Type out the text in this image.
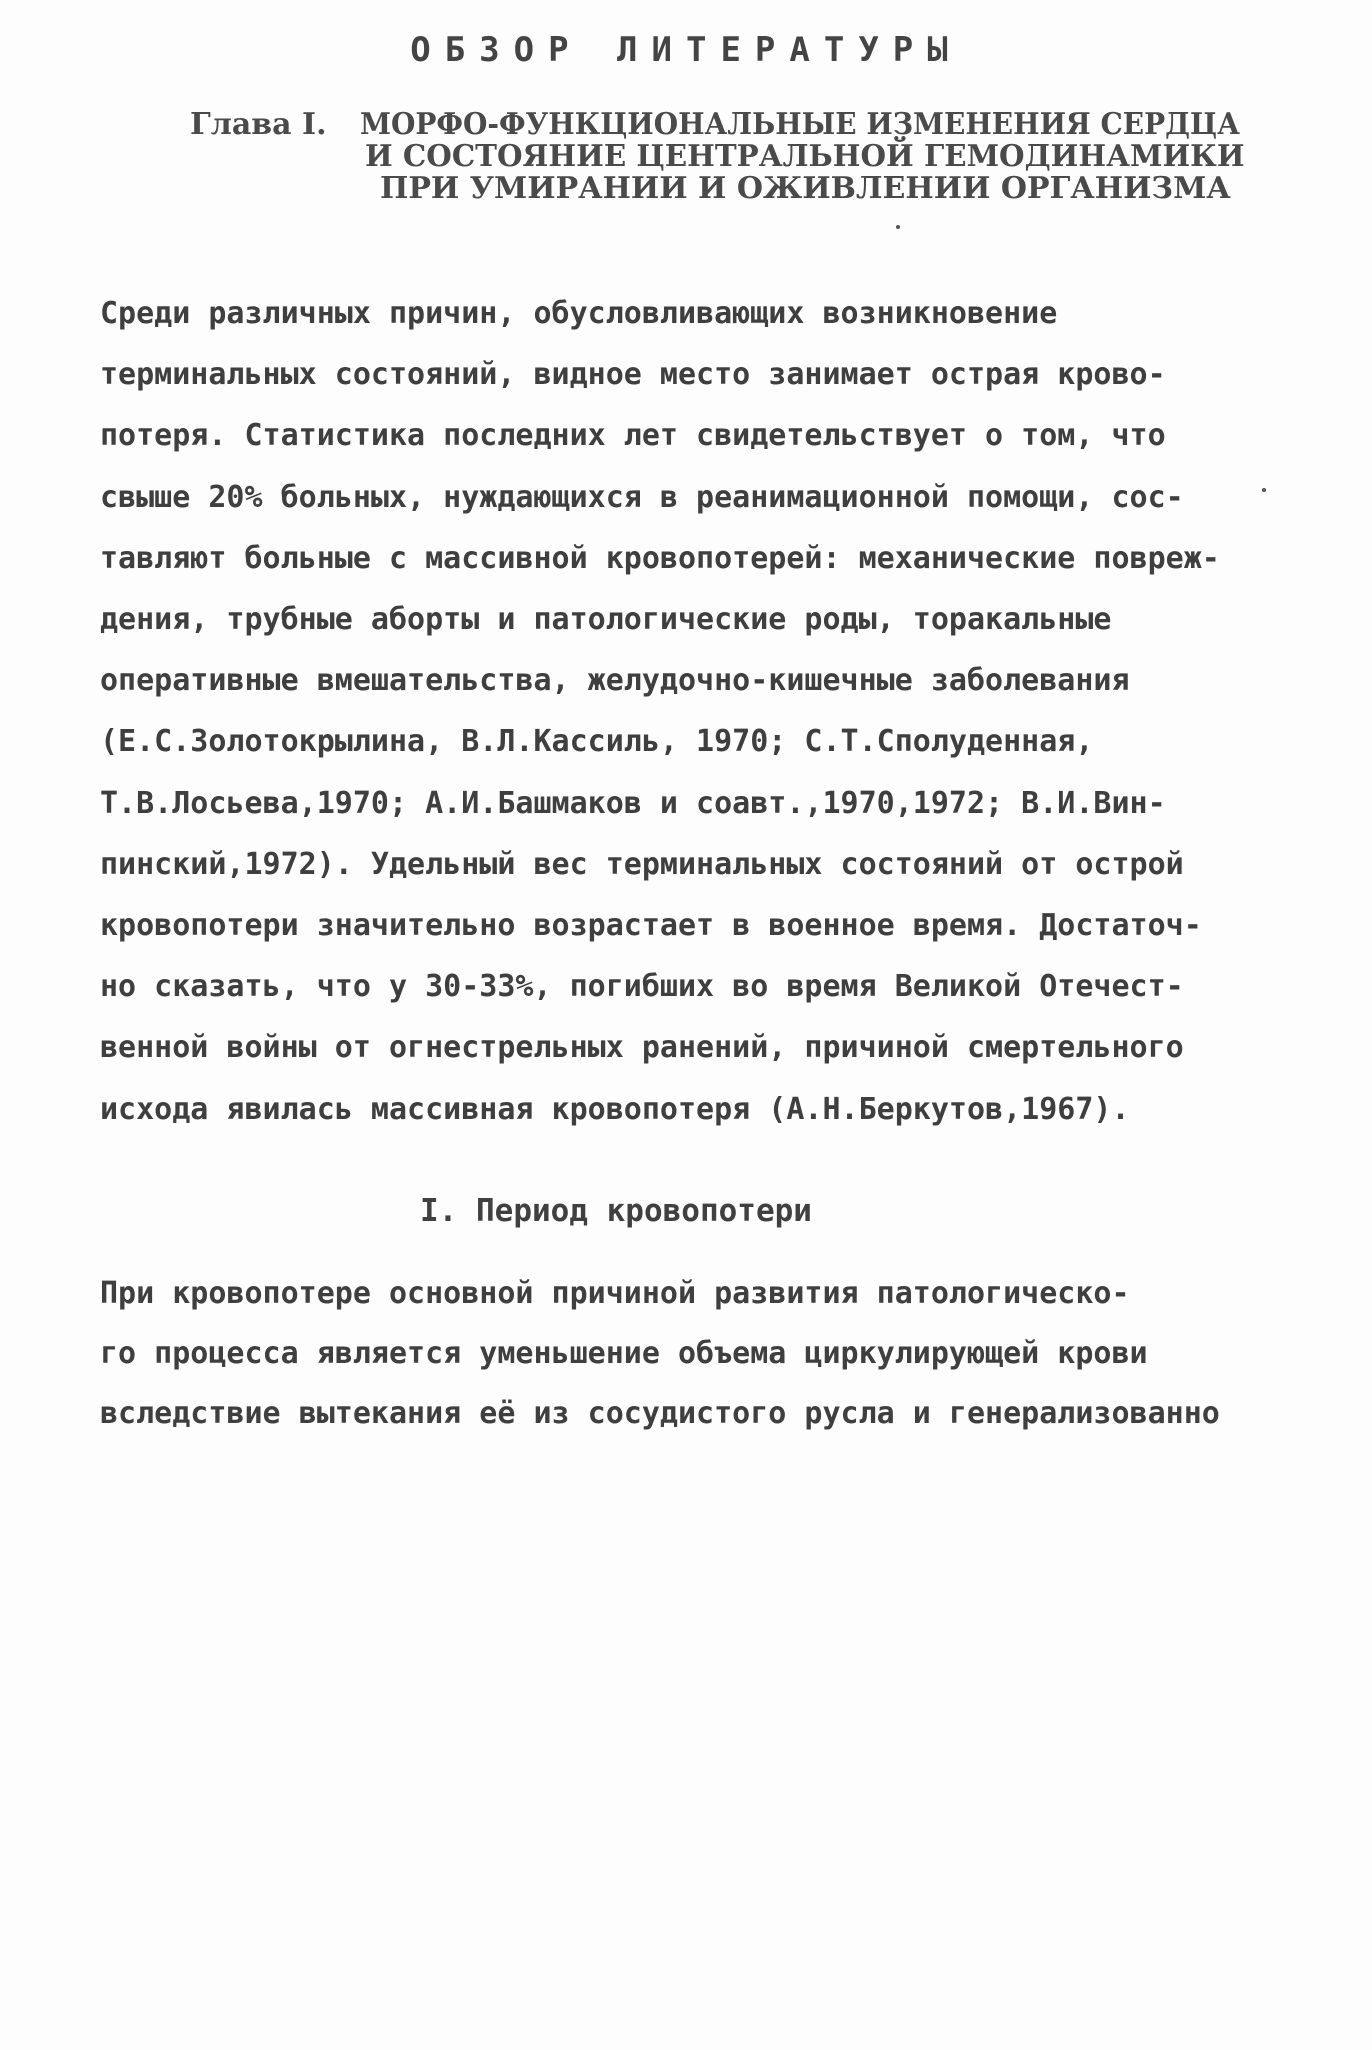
ОБЗОР ЛИТЕРАТУРЫ
Глава I. МОРФО-ФУНКЦИОНАЛЬНЫЕ ИЗМЕНЕНИЯ СЕРДЦА
И СОСТОЯНИЕ ЦЕНТРАЛЬНОЙ ГЕМОДИНАМИКИ
ПРИ УМИРАНИИ И ОЖИВЛЕНИИ ОРГАНИЗМА
Среди различных причин, обусловливающих возникновение
терминальных состояний, видное место занимает острая крово-
потеря. Статистика последних лет свидетельствует о том, что
свыше 20% больных, нуждающихся в реанимационной помощи, сос-
тавляют больные с массивной кровопотерей: механические повреж-
дения, трубные аборты и патологические роды, торакальные
оперативные вмешательства, желудочно-кишечные заболевания
(Е.С.Золотокрылина, В.Л.Кассиль, 1970; С.Т.Сполуденная,
Т.В.Лосьева,1970; А.И.Башмаков и соавт.,1970,1972; В.И.Вин-
пинский,1972). Удельный вес терминальных состояний от острой
кровопотери значительно возрастает в военное время. Достаточ-
но сказать, что у 30-33%, погибших во время Великой Отечест-
венной войны от огнестрельных ранений, причиной смертельного
исхода явилась массивная кровопотеря (А.Н.Беркутов,1967).
I. Период кровопотери
При кровопотере основной причиной развития патологическо-
го процесса является уменьшение объема циркулирующей крови
вследствие вытекания её из сосудистого русла и генерализованно
